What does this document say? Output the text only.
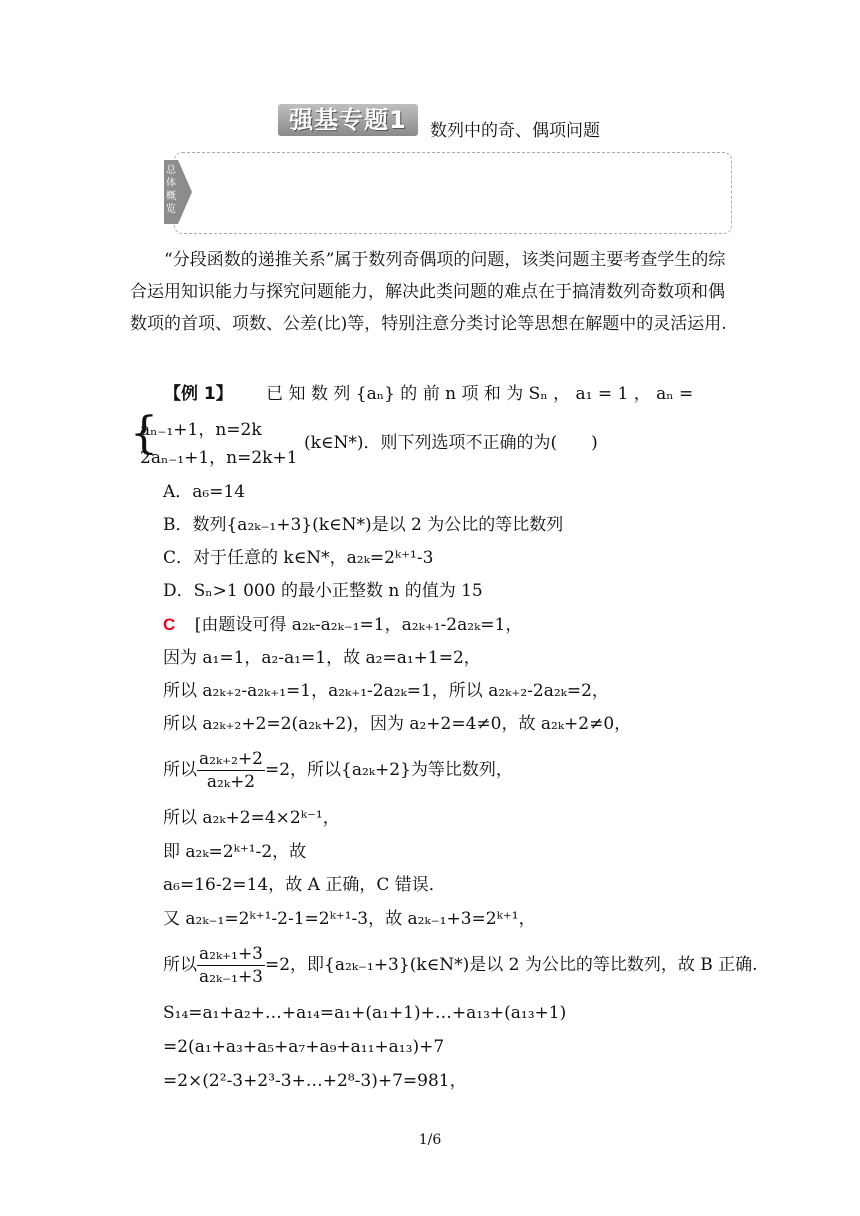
强基专题1	数列中的奇、偶项问题
总体概览
“分段函数的递推关系”属于数列奇偶项的问题，该类问题主要考查学生的综合运用知识能力与探究问题能力，解决此类问题的难点在于搞清数列奇数项和偶数项的首项、项数、公差(比)等，特别注意分类讨论等思想在解题中的灵活运用.
【例 1】 已 知 数 列 {aₙ} 的 前 n 项 和 为 Sₙ ， a₁ = 1 ， aₙ =
{
aₙ₋₁+1，n=2k
2aₙ₋₁+1，n=2k+1
(k∈N*)．则下列选项不正确的为(　　)
A．a₆=14
B．数列{a₂ₖ₋₁+3}(k∈N*)是以 2 为公比的等比数列
C．对于任意的 k∈N*，a₂ₖ=2ᵏ⁺¹-3
D．Sₙ>1 000 的最小正整数 n 的值为 15
C [由题设可得 a₂ₖ-a₂ₖ₋₁=1，a₂ₖ₊₁-2a₂ₖ=1，
因为 a₁=1，a₂-a₁=1，故 a₂=a₁+1=2，
所以 a₂ₖ₊₂-a₂ₖ₊₁=1，a₂ₖ₊₁-2a₂ₖ=1，所以 a₂ₖ₊₂-2a₂ₖ=2，
所以 a₂ₖ₊₂+2=2(a₂ₖ+2)，因为 a₂+2=4≠0，故 a₂ₖ+2≠0，
所以 $\frac{\text{a₂ₖ₊₂+2}}{\text{a₂ₖ+2}} =2$，所以{a₂ₖ+2}为等比数列，
所以 a₂ₖ+2=4×2ᵏ⁻¹，
即 a₂ₖ=2ᵏ⁺¹-2，故
a₆=16-2=14，故 A 正确，C 错误．
又 a₂ₖ₋₁=2ᵏ⁺¹-2-1=2ᵏ⁺¹-3，故 a₂ₖ₋₁+3=2ᵏ⁺¹，
所以 $\frac{\text{a₂ₖ₊₁+3}}{\text{a₂ₖ₋₁+3}} =2$，即{a₂ₖ₋₁+3}(k∈N*)是以 2 为公比的等比数列，故 B 正确.
S₁₄=a₁+a₂+…+a₁₄=a₁+(a₁+1)+…+a₁₃+(a₁₃+1)
=2(a₁+a₃+a₅+a₇+a₉+a₁₁+a₁₃)+7
=2×(2²-3+2³-3+…+2⁸-3)+7=981，
1/6
